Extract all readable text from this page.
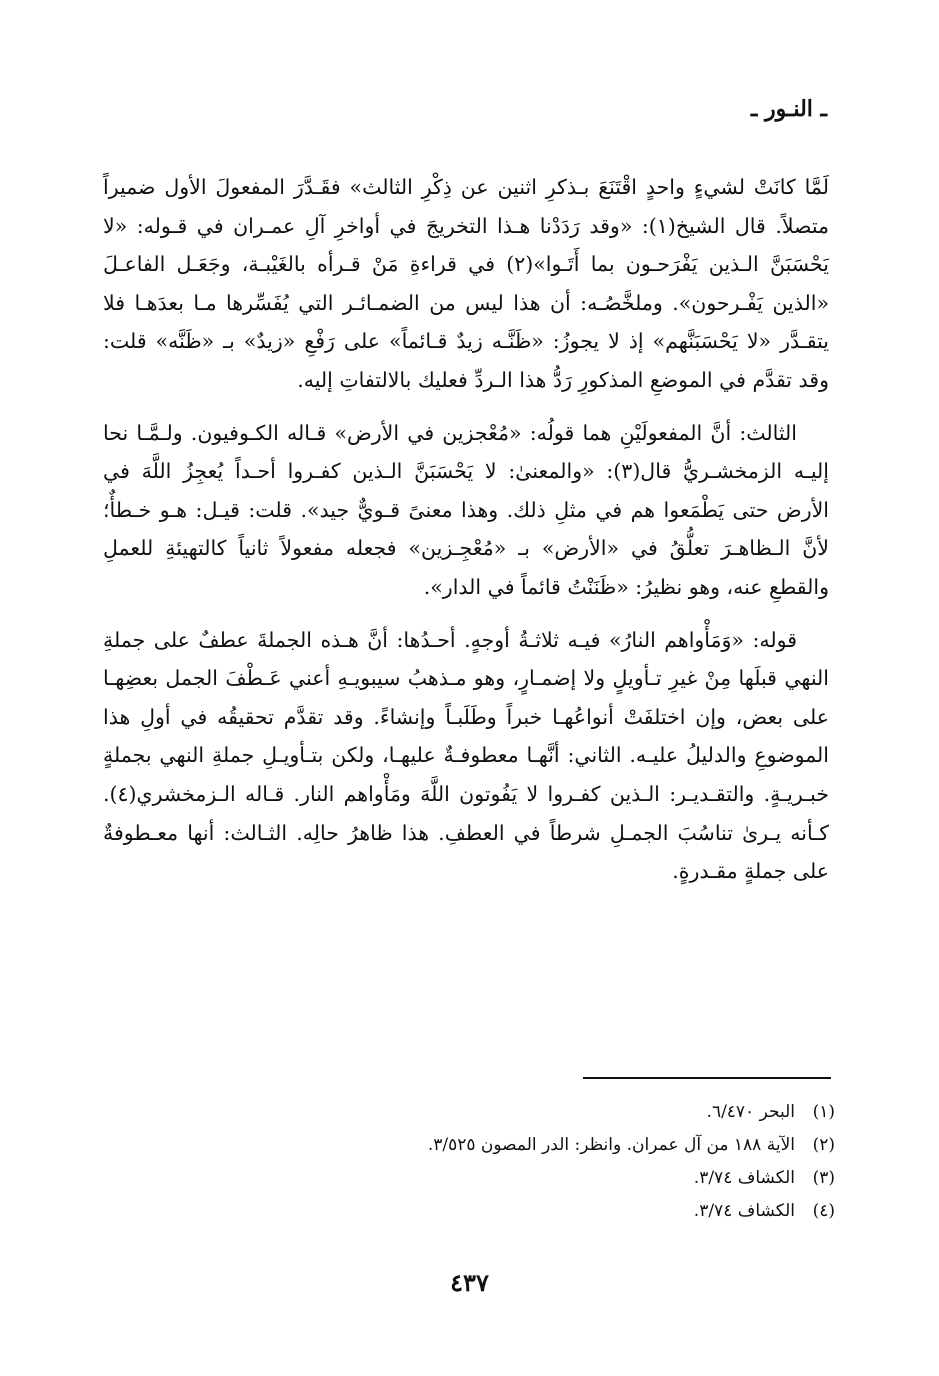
ـ النـور ـ

لَمَّا كانَتْ لشيءٍ واحدٍ اقْتَنَعَ بـذكرِ اثنين عن ذِكْرِ الثالث» فقَـدَّرَ المفعولَ الأول ضميراً متصلاً. قال الشيخ(١): «وقد رَدَدْنا هـذا التخريجَ في أواخرِ آلِ عمـران في قـوله: «لا يَحْسَبَنَّ الـذين يَفْرَحـون بما أَتَـوا»(٢) في قراءةِ مَنْ قـرأه بالغَيْبـة، وجَعَـل الفاعـلَ «الذين يَفْـرحون». وملخَّصُـه: أن هذا ليس من الضمـائـر التي يُفَسِّرها مـا بعدَهـا فلا يتقـدَّر «لا يَحْسَبَنَّهم» إذ لا يجوزُ: «ظَنَّـه زيدٌ قـائماً» على رَفْعِ «زيدٌ» بـ «ظَنَّه» قلت: وقد تقدَّم في الموضعِ المذكورِ رَدُّ هذا الـردِّ فعليك بالالتفاتِ إليه.

الثالث: أنَّ المفعولَيْنِ هما قولُه: «مُعْجزين في الأرض» قـاله الكـوفيون. ولـمَّـا نحا إليـه الزمخشـريُّ قال(٣): «والمعنىٰ: لا يَحْسَبَنَّ الـذين كفـروا أحـداً يُعجِزُ اللَّهَ في الأرض حتى يَطْمَعوا هم في مثلِ ذلك. وهذا معنىً قـويٌّ جيد». قلت: قيـل: هـو خـطأٌ؛ لأنَّ الـظاهـرَ تعلُّقُ في «الأرض» بـ «مُعْجِـزين» فجعله مفعولاً ثانياً كالتهيئةِ للعملِ والقطعِ عنه، وهو نظيرُ: «ظَنَنْتُ قائماً في الدار».

قوله: «وَمَأْواهم النارُ» فيـه ثلاثـةُ أوجهٍ. أحـدُها: أنَّ هـذه الجملةَ عطفٌ على جملةِ النهي قبلَها مِنْ غيرِ تـأويلٍ ولا إضمـارٍ، وهو مـذهبُ سيبويـهِ أعني عَـطْفَ الجمل بعضِهـا على بعض، وإن اختلفَتْ أنواعُهـا خبراً وطَلَبـاً وإنشاءً. وقد تقدَّم تحقيقُه في أولِ هذا الموضوعِ والدليلُ عليـه. الثاني: أنَّهـا معطوفـةٌ عليهـا، ولكن بتـأويـلِ جملةِ النهي بجملةٍ خبـريـةٍ. والتقـديـر: الـذين كفـروا لا يَفُوتون اللَّهَ ومَأْواهم النار. قـاله الـزمخشري(٤). كـأنه يـرىٰ تناسُبَ الجمـلِ شرطاً في العطفِ. هذا ظاهرُ حالِه. الثـالث: أنها معـطوفةٌ على جملةٍ مقـدرةٍ.

(١)البحر ٦/٤٧٠.
(٢)الآية ١٨٨ من آل عمران. وانظر: الدر المصون ٣/٥٢٥.
(٣)الكشاف ٣/٧٤.
(٤)الكشاف ٣/٧٤.
٤٣٧
